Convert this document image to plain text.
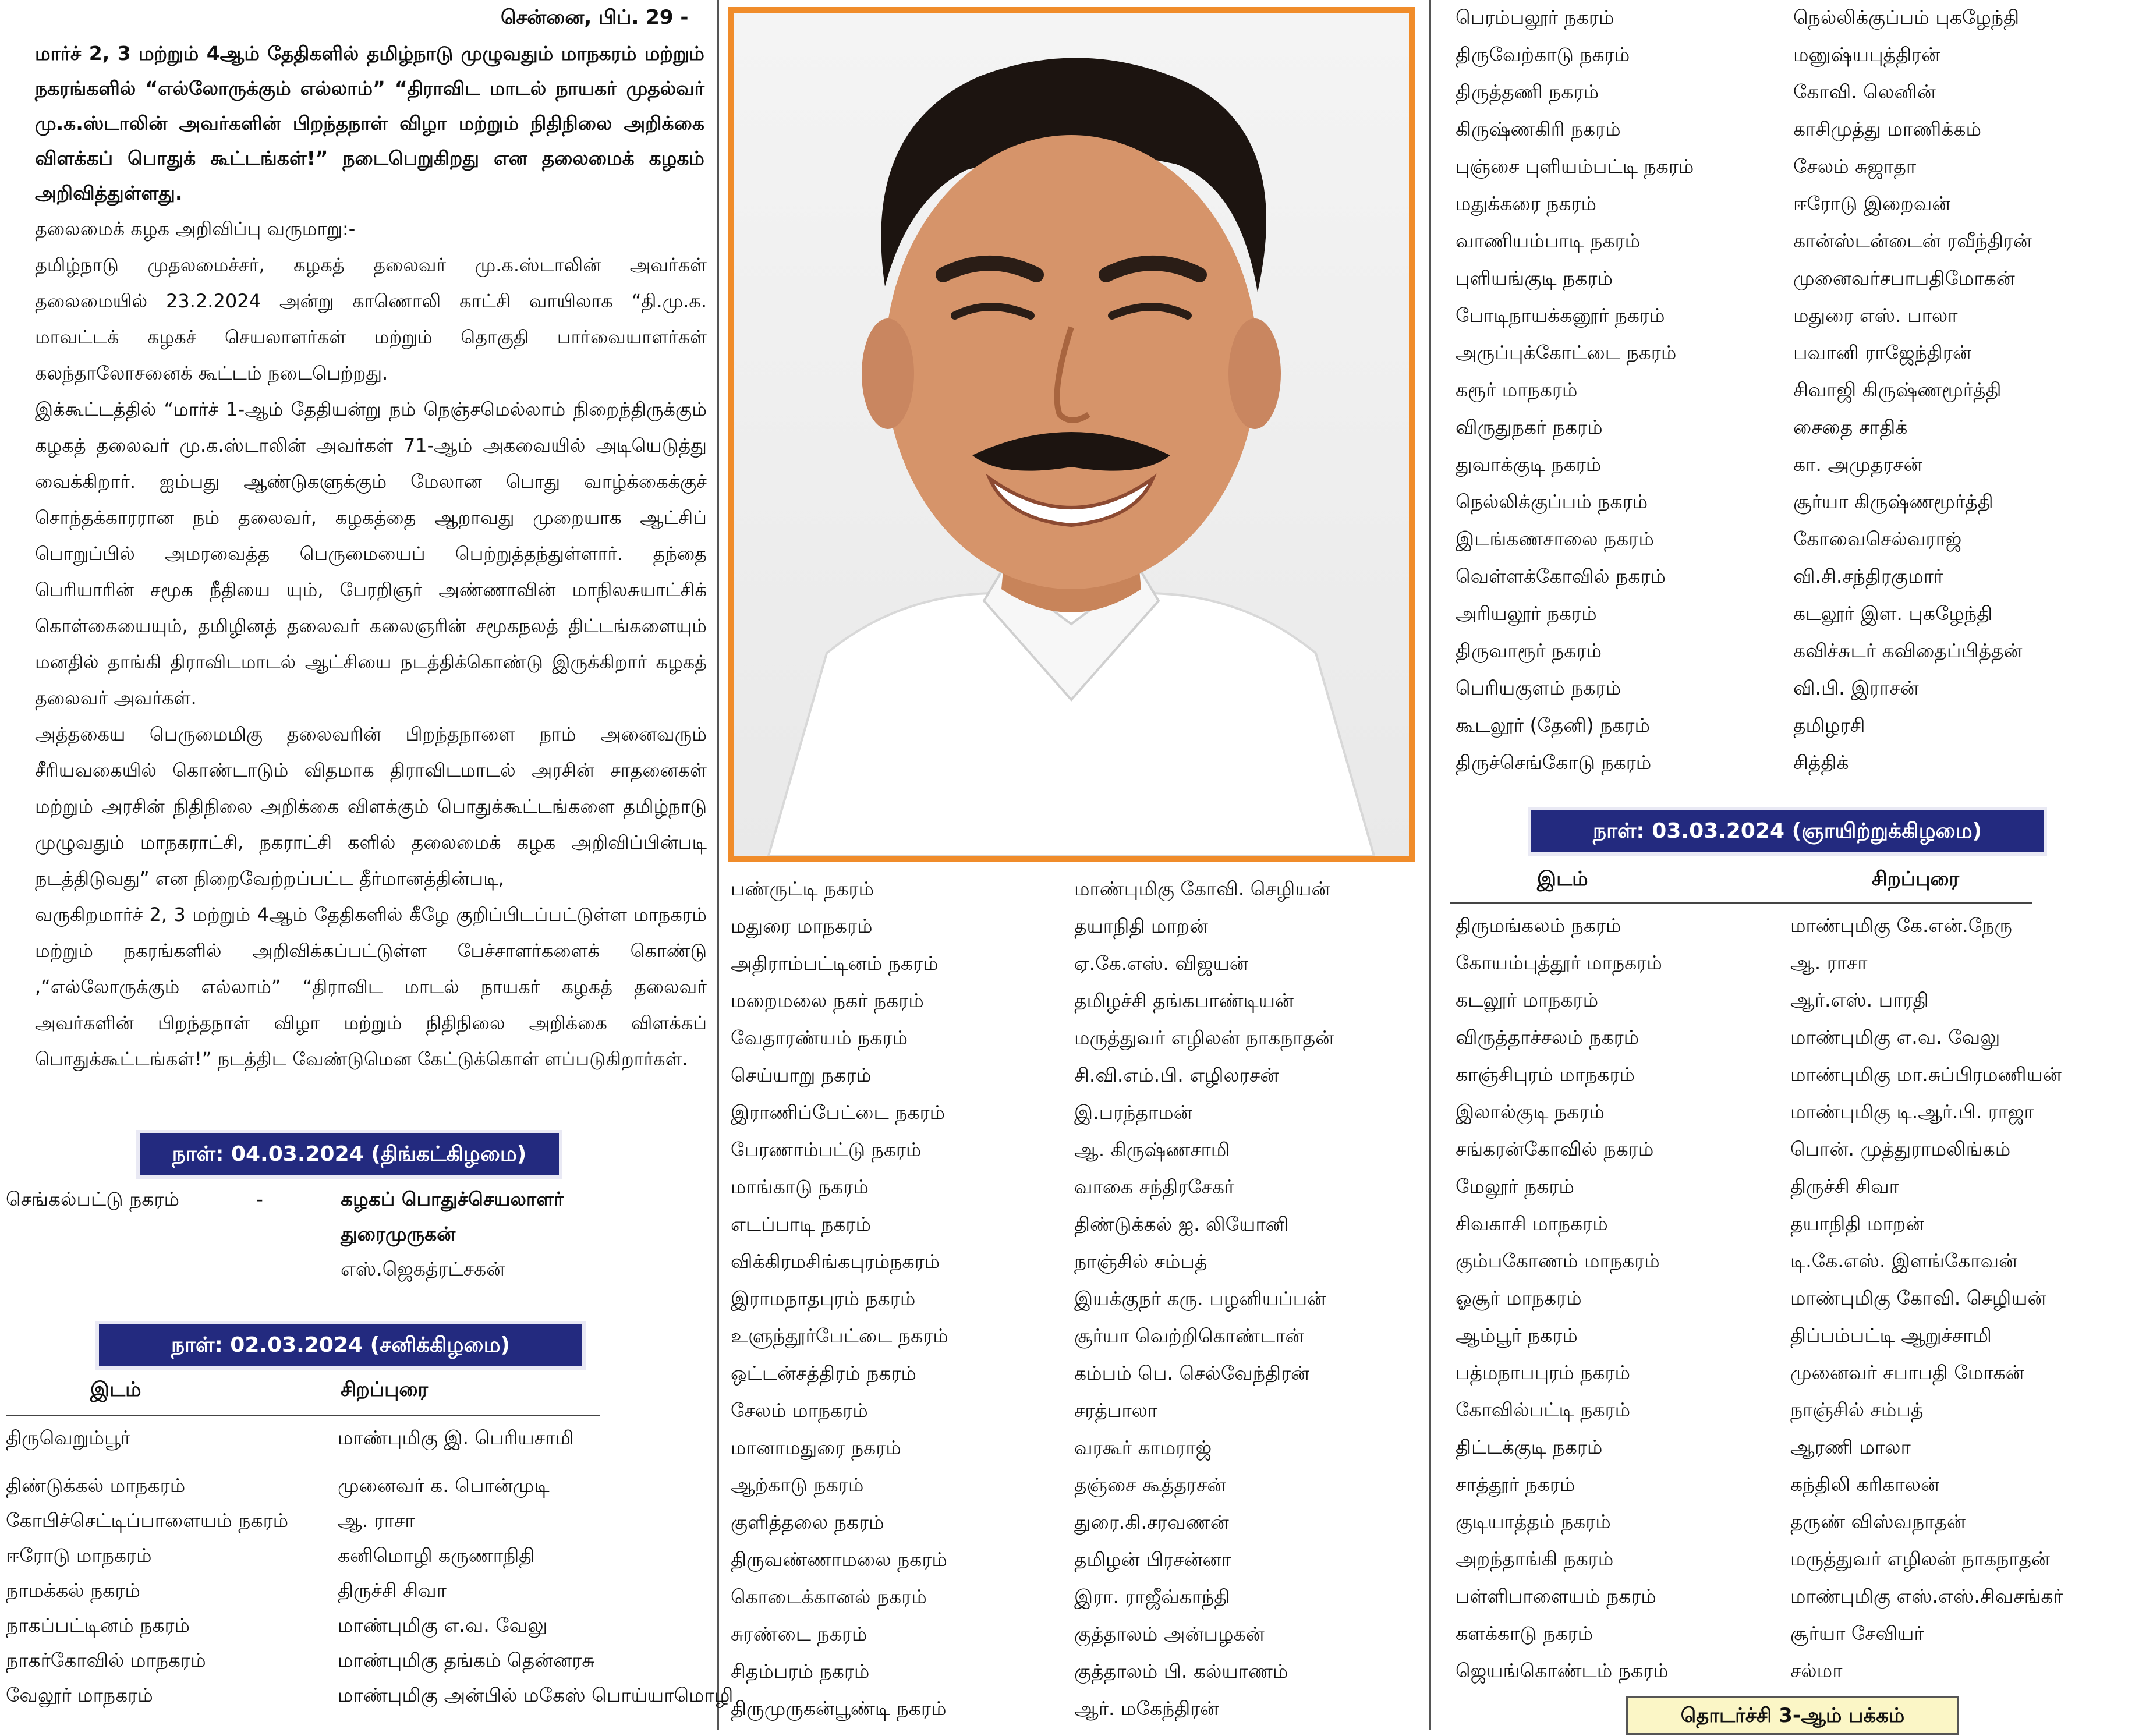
சென்னை, பிப். 29 -
மார்ச் 2, 3 மற்றும் 4ஆம் தேதிகளில் தமிழ்நாடு முழுவதும் மாநகரம் மற்றும் நகரங்களில் “எல்லோருக்கும் எல்லாம்” “திராவிட மாடல் நாயகர் முதல்வர் மு.க.ஸ்டாலின் அவர்களின் பிறந்தநாள் விழா மற்றும் நிதிநிலை அறிக்கை விளக்கப் பொதுக் கூட்டங்கள்!” நடைபெறுகிறது என தலைமைக் கழகம் அறிவித்துள்ளது.

தலைமைக் கழக அறிவிப்பு வருமாறு:-

தமிழ்நாடு முதலமைச்சர், கழகத் தலைவர் மு.க.ஸ்டாலின் அவர்கள் தலைமையில் 23.2.2024 அன்று காணொலி காட்சி வாயிலாக “தி.மு.க. மாவட்டக் கழகச் செயலாளர்கள் மற்றும் தொகுதி பார்வையாளர்கள் கலந்தாலோசனைக் கூட்டம் நடைபெற்றது.

இக்கூட்டத்தில் “மார்ச் 1-ஆம் தேதியன்று நம் நெஞ்சமெல்லாம் நிறைந்திருக்கும் கழகத் தலைவர் மு.க.ஸ்டாலின் அவர்கள் 71-ஆம் அகவையில் அடியெடுத்து வைக்கிறார். ஐம்பது ஆண்டுகளுக்கும் மேலான பொது வாழ்க்கைக்குச் சொந்தக்காரரான நம் தலைவர், கழகத்தை ஆறாவது முறையாக ஆட்சிப் பொறுப்பில் அமரவைத்த பெருமையைப் பெற்றுத்தந்துள்ளார். தந்தை பெரியாரின் சமூக நீதியை யும், பேரறிஞர் அண்ணாவின் மாநிலசுயாட்சிக் கொள்கையையும், தமிழினத் தலைவர் கலைஞரின் சமூகநலத் திட்டங்களையும் மனதில் தாங்கி திராவிடமாடல் ஆட்சியை நடத்திக்கொண்டு இருக்கிறார் கழகத் தலைவர் அவர்கள்.

அத்தகைய பெருமைமிகு தலைவரின் பிறந்தநாளை நாம் அனைவரும் சீரியவகையில் கொண்டாடும் விதமாக திராவிடமாடல் அரசின் சாதனைகள் மற்றும் அரசின் நிதிநிலை அறிக்கை விளக்கும் பொதுக்கூட்டங்களை தமிழ்நாடு முழுவதும் மாநகராட்சி, நகராட்சி களில் தலைமைக் கழக அறிவிப்பின்படி நடத்திடுவது” என நிறைவேற்றப்பட்ட தீர்மானத்தின்படி,

வருகிறமார்ச் 2, 3 மற்றும் 4ஆம் தேதிகளில் கீழே குறிப்பிடப்பட்டுள்ள மாநகரம் மற்றும் நகரங்களில் அறிவிக்கப்பட்டுள்ள பேச்சாளர்களைக் கொண்டு ,“எல்லோருக்கும் எல்லாம்” “திராவிட மாடல் நாயகர் கழகத் தலைவர் அவர்களின் பிறந்தநாள் விழா மற்றும் நிதிநிலை அறிக்கை விளக்கப் பொதுக்கூட்டங்கள்!” நடத்திட வேண்டுமென கேட்டுக்கொள் ளப்படுகிறார்கள்.

நாள்: 04.03.2024 (திங்கட்கிழமை)
செங்கல்பட்டு நகரம்	-	கழகப் பொதுச்செயலாளர்
துரைமுருகன்
எஸ்.ஜெகத்ரட்சகன்
நாள்: 02.03.2024 (சனிக்கிழமை)
இடம்	சிறப்புரை
திருவெறும்பூர்	மாண்புமிகு இ. பெரியசாமி
திண்டுக்கல் மாநகரம்	முனைவர் க. பொன்முடி
கோபிச்செட்டிப்பாளையம் நகரம்	ஆ. ராசா
ஈரோடு மாநகரம்	கனிமொழி கருணாநிதி
நாமக்கல் நகரம்	திருச்சி சிவா
நாகப்பட்டினம் நகரம்	மாண்புமிகு எ.வ. வேலு
நாகர்கோவில் மாநகரம்	மாண்புமிகு தங்கம் தென்னரசு
வேலூர் மாநகரம்	மாண்புமிகு அன்பில் மகேஸ் பொய்யாமொழி
பண்ருட்டி நகரம்	மாண்புமிகு கோவி. செழியன்
மதுரை மாநகரம்	தயாநிதி மாறன்
அதிராம்பட்டினம் நகரம்	ஏ.கே.எஸ். விஜயன்
மறைமலை நகர் நகரம்	தமிழச்சி தங்கபாண்டியன்
வேதாரண்யம் நகரம்	மருத்துவர் எழிலன் நாகநாதன்
செய்யாறு நகரம்	சி.வி.எம்.பி. எழிலரசன்
இராணிப்பேட்டை நகரம்	இ.பரந்தாமன்
பேரணாம்பட்டு நகரம்	ஆ. கிருஷ்ணசாமி
மாங்காடு நகரம்	வாகை சந்திரசேகர்
எடப்பாடி நகரம்	திண்டுக்கல் ஐ. லியோனி
விக்கிரமசிங்கபுரம்நகரம்	நாஞ்சில் சம்பத்
இராமநாதபுரம் நகரம்	இயக்குநர் கரு. பழனியப்பன்
உளுந்தூர்பேட்டை நகரம்	சூர்யா வெற்றிகொண்டான்
ஒட்டன்சத்திரம் நகரம்	கம்பம் பெ. செல்வேந்திரன்
சேலம் மாநகரம்	சரத்பாலா
மானாமதுரை நகரம்	வரகூர் காமராஜ்
ஆற்காடு நகரம்	தஞ்சை கூத்தரசன்
குளித்தலை நகரம்	துரை.கி.சரவணன்
திருவண்ணாமலை நகரம்	தமிழன் பிரசன்னா
கொடைக்கானல் நகரம்	இரா. ராஜீவ்காந்தி
சுரண்டை நகரம்	குத்தாலம் அன்பழகன்
சிதம்பரம் நகரம்	குத்தாலம் பி. கல்யாணம்
திருமுருகன்பூண்டி நகரம்	ஆர். மகேந்திரன்
பெரம்பலூர் நகரம்	நெல்லிக்குப்பம் புகழேந்தி
திருவேற்காடு நகரம்	மனுஷ்யபுத்திரன்
திருத்தணி நகரம்	கோவி. லெனின்
கிருஷ்ணகிரி நகரம்	காசிமுத்து மாணிக்கம்
புஞ்சை புளியம்பட்டி நகரம்	சேலம் சுஜாதா
மதுக்கரை நகரம்	ஈரோடு இறைவன்
வாணியம்பாடி நகரம்	கான்ஸ்டன்டைன் ரவீந்திரன்
புளியங்குடி நகரம்	முனைவர்சபாபதிமோகன்
போடிநாயக்கனூர் நகரம்	மதுரை எஸ். பாலா
அருப்புக்கோட்டை நகரம்	பவானி ராஜேந்திரன்
கரூர் மாநகரம்	சிவாஜி கிருஷ்ணமூர்த்தி
விருதுநகர் நகரம்	சைதை சாதிக்
துவாக்குடி நகரம்	கா. அமுதரசன்
நெல்லிக்குப்பம் நகரம்	சூர்யா கிருஷ்ணமூர்த்தி
இடங்கணசாலை நகரம்	கோவைசெல்வராஜ்
வெள்ளக்கோவில் நகரம்	வி.சி.சந்திரகுமார்
அரியலூர் நகரம்	கடலூர் இள. புகழேந்தி
திருவாரூர் நகரம்	கவிச்சுடர் கவிதைப்பித்தன்
பெரியகுளம் நகரம்	வி.பி. இராசன்
கூடலூர் (தேனி) நகரம்	தமிழரசி
திருச்செங்கோடு நகரம்	சித்திக்
நாள்: 03.03.2024 (ஞாயிற்றுக்கிழமை)
இடம்	சிறப்புரை
திருமங்கலம் நகரம்	மாண்புமிகு கே.என்.நேரு
கோயம்புத்தூர் மாநகரம்	ஆ. ராசா
கடலூர் மாநகரம்	ஆர்.எஸ். பாரதி
விருத்தாச்சலம் நகரம்	மாண்புமிகு எ.வ. வேலு
காஞ்சிபுரம் மாநகரம்	மாண்புமிகு மா.சுப்பிரமணியன்
இலால்குடி நகரம்	மாண்புமிகு டி.ஆர்.பி. ராஜா
சங்கரன்கோவில் நகரம்	பொன். முத்துராமலிங்கம்
மேலூர் நகரம்	திருச்சி சிவா
சிவகாசி மாநகரம்	தயாநிதி மாறன்
கும்பகோணம் மாநகரம்	டி.கே.எஸ். இளங்கோவன்
ஓசூர் மாநகரம்	மாண்புமிகு கோவி. செழியன்
ஆம்பூர் நகரம்	திப்பம்பட்டி ஆறுச்சாமி
பத்மநாபபுரம் நகரம்	முனைவர் சபாபதி மோகன்
கோவில்பட்டி நகரம்	நாஞ்சில் சம்பத்
திட்டக்குடி நகரம்	ஆரணி மாலா
சாத்தூர் நகரம்	கந்திலி கரிகாலன்
குடியாத்தம் நகரம்	தருண் விஸ்வநாதன்
அறந்தாங்கி நகரம்	மருத்துவர் எழிலன் நாகநாதன்
பள்ளிபாளையம் நகரம்	மாண்புமிகு எஸ்.எஸ்.சிவசங்கர்
களக்காடு நகரம்	சூர்யா சேவியர்
ஜெயங்கொண்டம் நகரம்	சல்மா
தொடர்ச்சி 3-ஆம் பக்கம்
